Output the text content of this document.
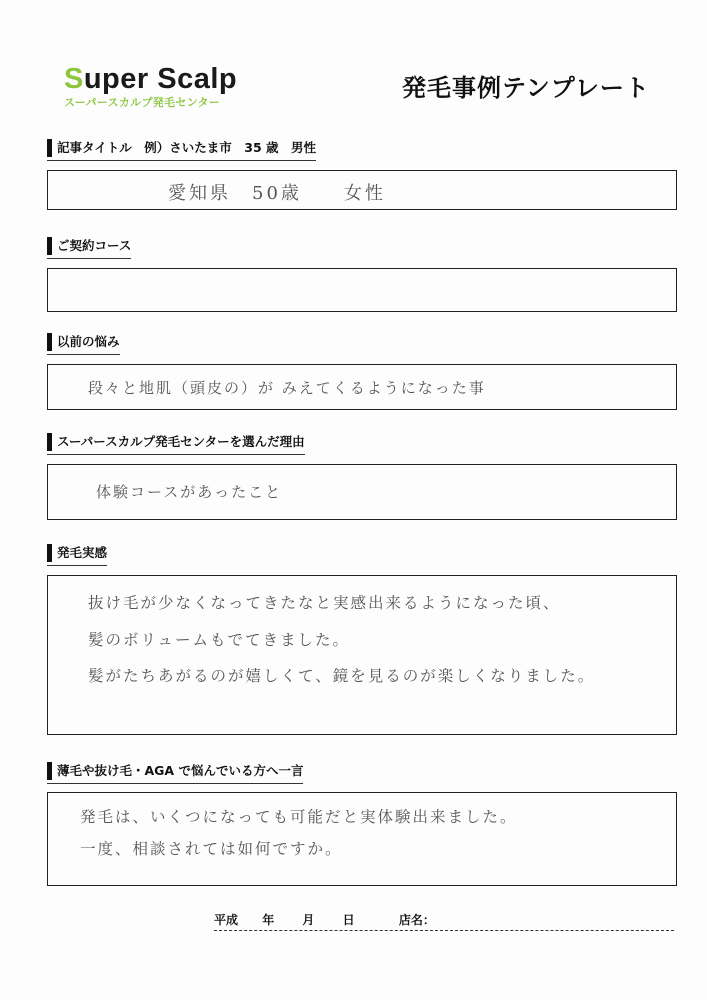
Super Scalp
スーパースカルプ発毛センター
発毛事例テンプレート
記事タイトル　例）さいたま市　35 歳　男性
愛知県　50歳　　女性
ご契約コース
以前の悩み
段々と地肌（頭皮の）が みえてくるようになった事
スーパースカルプ発毛センターを選んだ理由
体験コースがあったこと
発毛実感
抜け毛が少なくなってきたなと実感出来るようになった頃、
髪のボリュームもでてきました。
髪がたちあがるのが嬉しくて、鏡を見るのが楽しくなりました。
薄毛や抜け毛・AGA で悩んでいる方へ一言
発毛は、いくつになっても可能だと実体験出来ました。
一度、相談されては如何ですか。
平成 年 月 日	店名：
